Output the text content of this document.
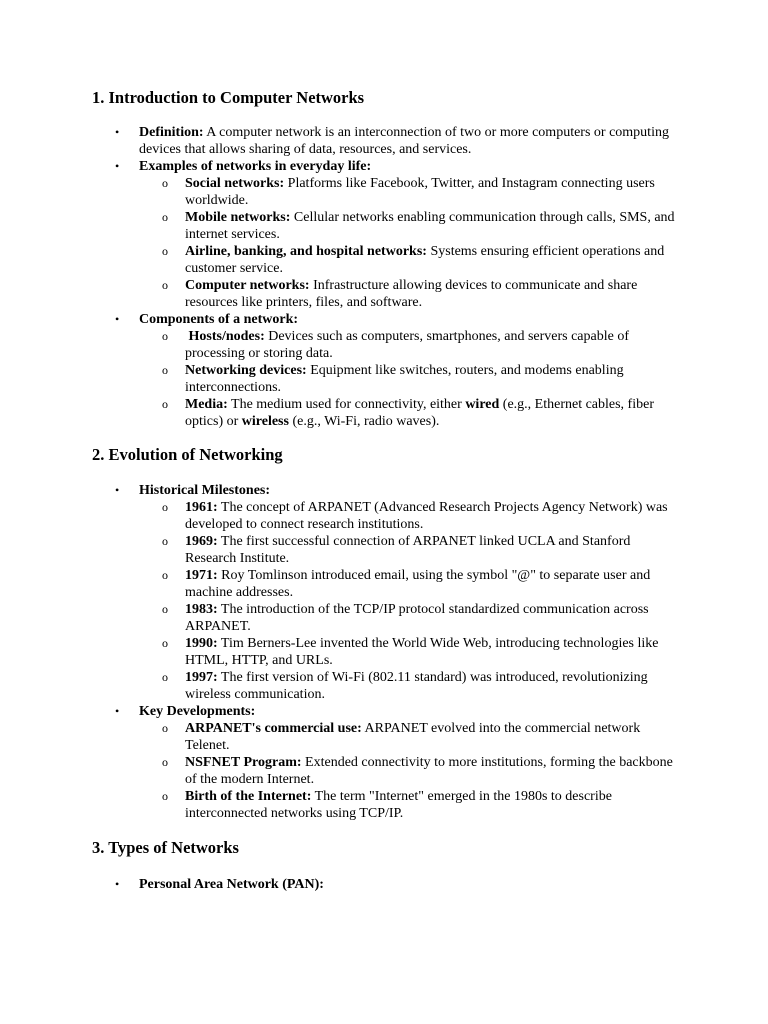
1. Introduction to Computer Networks
• Definition: A computer network is an interconnection of two or more computers or computing devices that allows sharing of data, resources, and services.
• Examples of networks in everyday life:
o Social networks: Platforms like Facebook, Twitter, and Instagram connecting users worldwide.
o Mobile networks: Cellular networks enabling communication through calls, SMS, and internet services.
o Airline, banking, and hospital networks: Systems ensuring efficient operations and customer service.
o Computer networks: Infrastructure allowing devices to communicate and share resources like printers, files, and software.
• Components of a network:
o Hosts/nodes: Devices such as computers, smartphones, and servers capable of processing or storing data.
o Networking devices: Equipment like switches, routers, and modems enabling interconnections.
o Media: The medium used for connectivity, either wired (e.g., Ethernet cables, fiber optics) or wireless (e.g., Wi-Fi, radio waves).
2. Evolution of Networking
• Historical Milestones:
o 1961: The concept of ARPANET (Advanced Research Projects Agency Network) was developed to connect research institutions.
o 1969: The first successful connection of ARPANET linked UCLA and Stanford Research Institute.
o 1971: Roy Tomlinson introduced email, using the symbol "@" to separate user and machine addresses.
o 1983: The introduction of the TCP/IP protocol standardized communication across ARPANET.
o 1990: Tim Berners-Lee invented the World Wide Web, introducing technologies like HTML, HTTP, and URLs.
o 1997: The first version of Wi-Fi (802.11 standard) was introduced, revolutionizing wireless communication.
• Key Developments:
o ARPANET's commercial use: ARPANET evolved into the commercial network Telenet.
o NSFNET Program: Extended connectivity to more institutions, forming the backbone of the modern Internet.
o Birth of the Internet: The term "Internet" emerged in the 1980s to describe interconnected networks using TCP/IP.
3. Types of Networks
• Personal Area Network (PAN):
